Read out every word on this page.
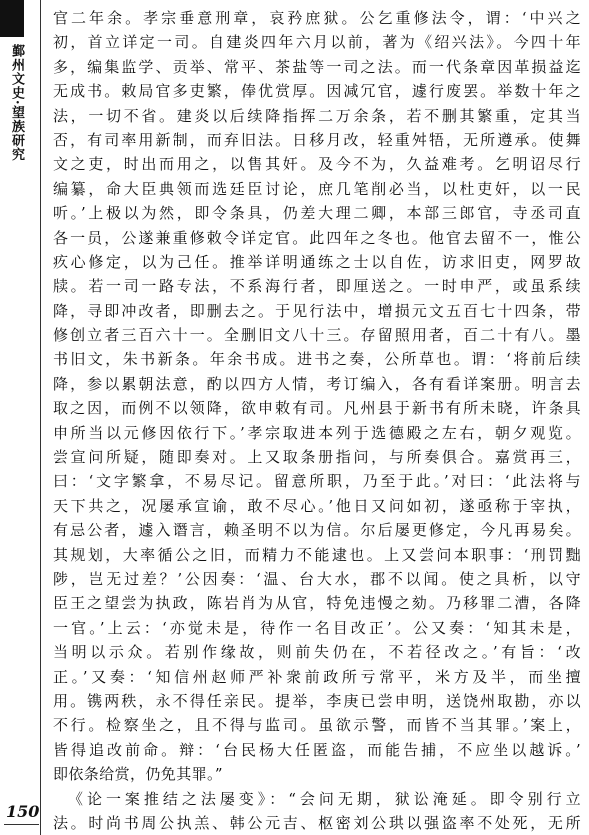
鄞州文史·望族研究
官二年余。孝宗垂意刑章，哀矜庶狱。公乞重修法令，谓：‘中兴之
初，首立详定一司。自建炎四年六月以前，著为《绍兴法》。今四十年
多，编集监学、贡举、常平、茶盐等一司之法。而一代条章因革损益迄
无成书。敕局官多吏繁，俸优赏厚。因减冗官，遽行废罢。举数十年之
法，一切不省。建炎以后续降指挥二万余条，若不删其繁重，定其当
否，有司率用新制，而弃旧法。日移月改，轻重舛牾，无所遵承。使舞
文之吏，时出而用之，以售其奸。及今不为，久益难考。乞明诏尽行
编纂，命大臣典领而选廷臣讨论，庶几笔削必当，以杜吏奸，以一民
听。’上极以为然，即令条具，仍差大理二卿，本部三郎官，寺丞司直
各一员，公遂兼重修敕令详定官。此四年之冬也。他官去留不一，惟公
疚心修定，以为己任。推举详明通练之士以自佐，访求旧吏，网罗故
牍。若一司一路专法，不系海行者，即厘送之。一时申严，或虽系续
降，寻即冲改者，即删去之。于见行法中，增损元文五百七十四条，带
修创立者三百六十一。全删旧文八十三。存留照用者，百二十有八。墨
书旧文，朱书新条。年余书成。进书之奏，公所草也。谓：‘将前后续
降，参以累朝法意，酌以四方人情，考订编入，各有看详案册。明言去
取之因，而例不以领降，欲申敕有司。凡州县于新书有所未晓，许条具
申所当以元修因依行下。’孝宗取进本列于选德殿之左右，朝夕观览。
尝宣问所疑，随即奏对。上又取条册指问，与所奏俱合。嘉赏再三，
曰：‘文字繁拿，不易尽记。留意所职，乃至于此。’对曰：‘此法将与
天下共之，况屡承宣谕，敢不尽心。’他日又问如初，遂亟称于宰执，
有忌公者，遽入谮言，赖圣明不以为信。尔后屡更修定，今凡再易矣。
其规划，大率循公之旧，而精力不能逮也。上又尝问本职事：‘刑罚黜
陟，岂无过差？’公因奏：‘温、台大水，郡不以闻。使之具析，以守
臣王之望尝为执政，陈岩肖为从官，特免违慢之劾。乃移罪二漕，各降
一官。’上云：‘亦觉未是，待作一名目改正’。公又奏：‘知其未是，
当明以示众。若别作缘故，则前失仍在，不若径改之。’有旨：‘改
正。’又奏：‘知信州赵师严补衆前政所亏常平，米方及半，而坐擅
用。镌两秩，永不得任亲民。提举，李庚已尝申明，送饶州取勘，亦以
不行。检察坐之，且不得与监司。虽欲示警，而皆不当其罪。’案上，
皆得追改前命。辩：‘台民杨大任匿盗，而能告捕，不应坐以越诉。’
即依条给赏，仍免其罪。”
《论一案推结之法屡变》：“会问无期，狱讼淹延。即令别行立
法。时尚书周公执羔、韩公元吉、枢密刘公珙以强盗率不处死，无所
150
